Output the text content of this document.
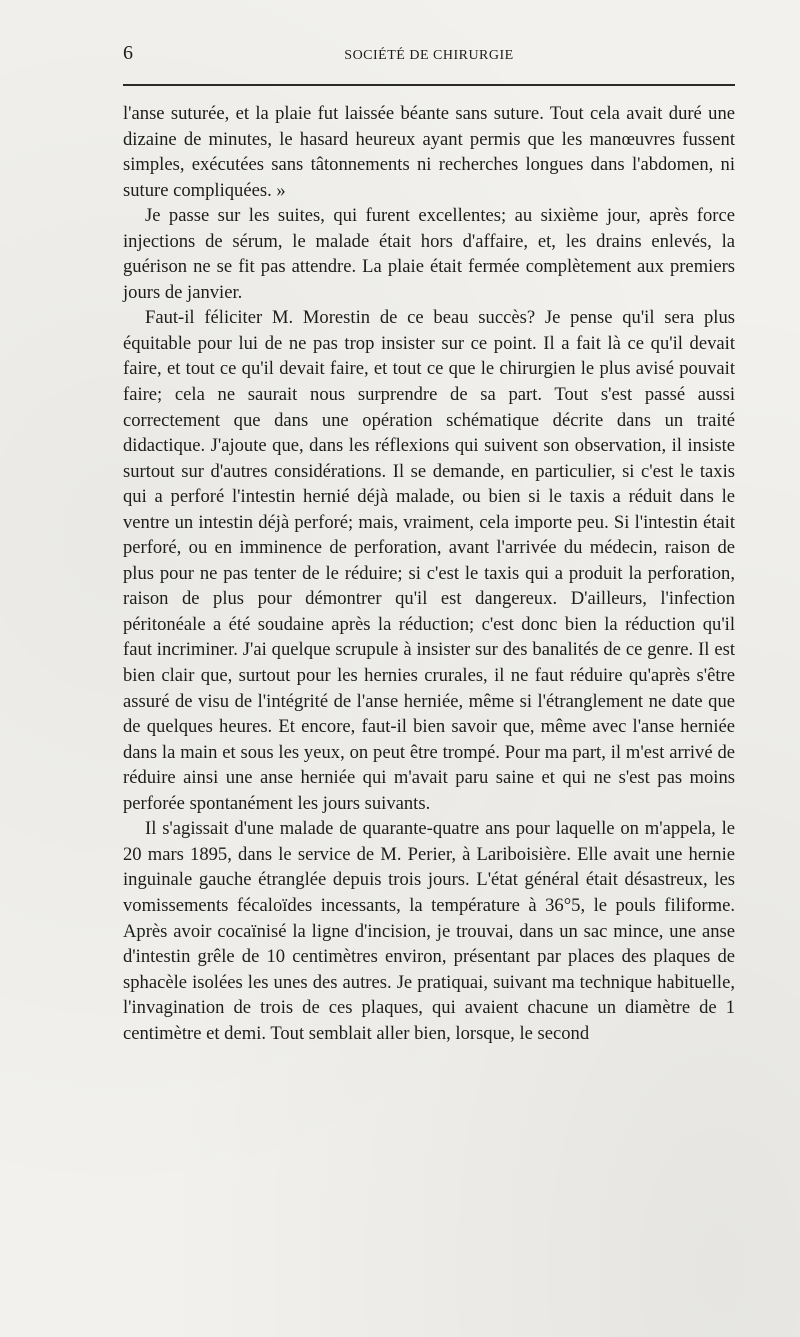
6	SOCIÉTÉ DE CHIRURGIE

l'anse suturée, et la plaie fut laissée béante sans suture. Tout cela avait duré une dizaine de minutes, le hasard heureux ayant permis que les manœuvres fussent simples, exécutées sans tâtonnements ni recherches longues dans l'abdomen, ni suture compliquées. »

Je passe sur les suites, qui furent excellentes; au sixième jour, après force injections de sérum, le malade était hors d'affaire, et, les drains enlevés, la guérison ne se fit pas attendre. La plaie était fermée complètement aux premiers jours de janvier.

Faut-il féliciter M. Morestin de ce beau succès? Je pense qu'il sera plus équitable pour lui de ne pas trop insister sur ce point. Il a fait là ce qu'il devait faire, et tout ce qu'il devait faire, et tout ce que le chirurgien le plus avisé pouvait faire; cela ne saurait nous surprendre de sa part. Tout s'est passé aussi correctement que dans une opération schématique décrite dans un traité didactique. J'ajoute que, dans les réflexions qui suivent son observation, il insiste surtout sur d'autres considérations. Il se demande, en particulier, si c'est le taxis qui a perforé l'intestin hernié déjà malade, ou bien si le taxis a réduit dans le ventre un intestin déjà perforé; mais, vraiment, cela importe peu. Si l'intestin était perforé, ou en imminence de perforation, avant l'arrivée du médecin, raison de plus pour ne pas tenter de le réduire; si c'est le taxis qui a produit la perforation, raison de plus pour démontrer qu'il est dangereux. D'ailleurs, l'infection péritonéale a été soudaine après la réduction; c'est donc bien la réduction qu'il faut incriminer. J'ai quelque scrupule à insister sur des banalités de ce genre. Il est bien clair que, surtout pour les hernies crurales, il ne faut réduire qu'après s'être assuré de visu de l'intégrité de l'anse herniée, même si l'étranglement ne date que de quelques heures. Et encore, faut-il bien savoir que, même avec l'anse herniée dans la main et sous les yeux, on peut être trompé. Pour ma part, il m'est arrivé de réduire ainsi une anse herniée qui m'avait paru saine et qui ne s'est pas moins perforée spontanément les jours suivants.

Il s'agissait d'une malade de quarante-quatre ans pour laquelle on m'appela, le 20 mars 1895, dans le service de M. Perier, à Lariboisière. Elle avait une hernie inguinale gauche étranglée depuis trois jours. L'état général était désastreux, les vomissements fécaloïdes incessants, la température à 36°5, le pouls filiforme. Après avoir cocaïnisé la ligne d'incision, je trouvai, dans un sac mince, une anse d'intestin grêle de 10 centimètres environ, présentant par places des plaques de sphacèle isolées les unes des autres. Je pratiquai, suivant ma technique habituelle, l'invagination de trois de ces plaques, qui avaient chacune un diamètre de 1 centimètre et demi. Tout semblait aller bien, lorsque, le second
